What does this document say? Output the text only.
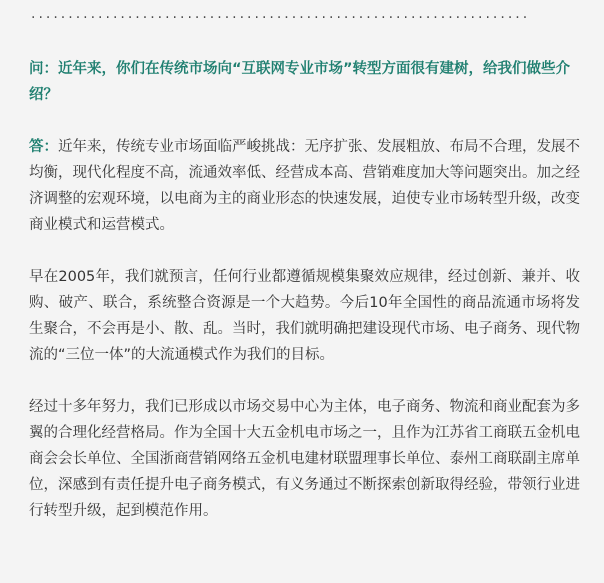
···································································

问：近年来，你们在传统市场向“互联网专业市场”转型方面很有建树，给我们做些介绍？

答：近年来，传统专业市场面临严峻挑战：无序扩张、发展粗放、布局不合理，发展不均衡，现代化程度不高，流通效率低、经营成本高、营销难度加大等问题突出。加之经济调整的宏观环境，以电商为主的商业形态的快速发展，迫使专业市场转型升级，改变商业模式和运营模式。

早在2005年，我们就预言，任何行业都遵循规模集聚效应规律，经过创新、兼并、收购、破产、联合，系统整合资源是一个大趋势。今后10年全国性的商品流通市场将发生聚合，不会再是小、散、乱。当时，我们就明确把建设现代市场、电子商务、现代物流的“三位一体”的大流通模式作为我们的目标。

经过十多年努力，我们已形成以市场交易中心为主体，电子商务、物流和商业配套为多翼的合理化经营格局。作为全国十大五金机电市场之一，且作为江苏省工商联五金机电商会会长单位、全国浙商营销网络五金机电建材联盟理事长单位、泰州工商联副主席单位，深感到有责任提升电子商务模式，有义务通过不断探索创新取得经验，带领行业进行转型升级，起到模范作用。
